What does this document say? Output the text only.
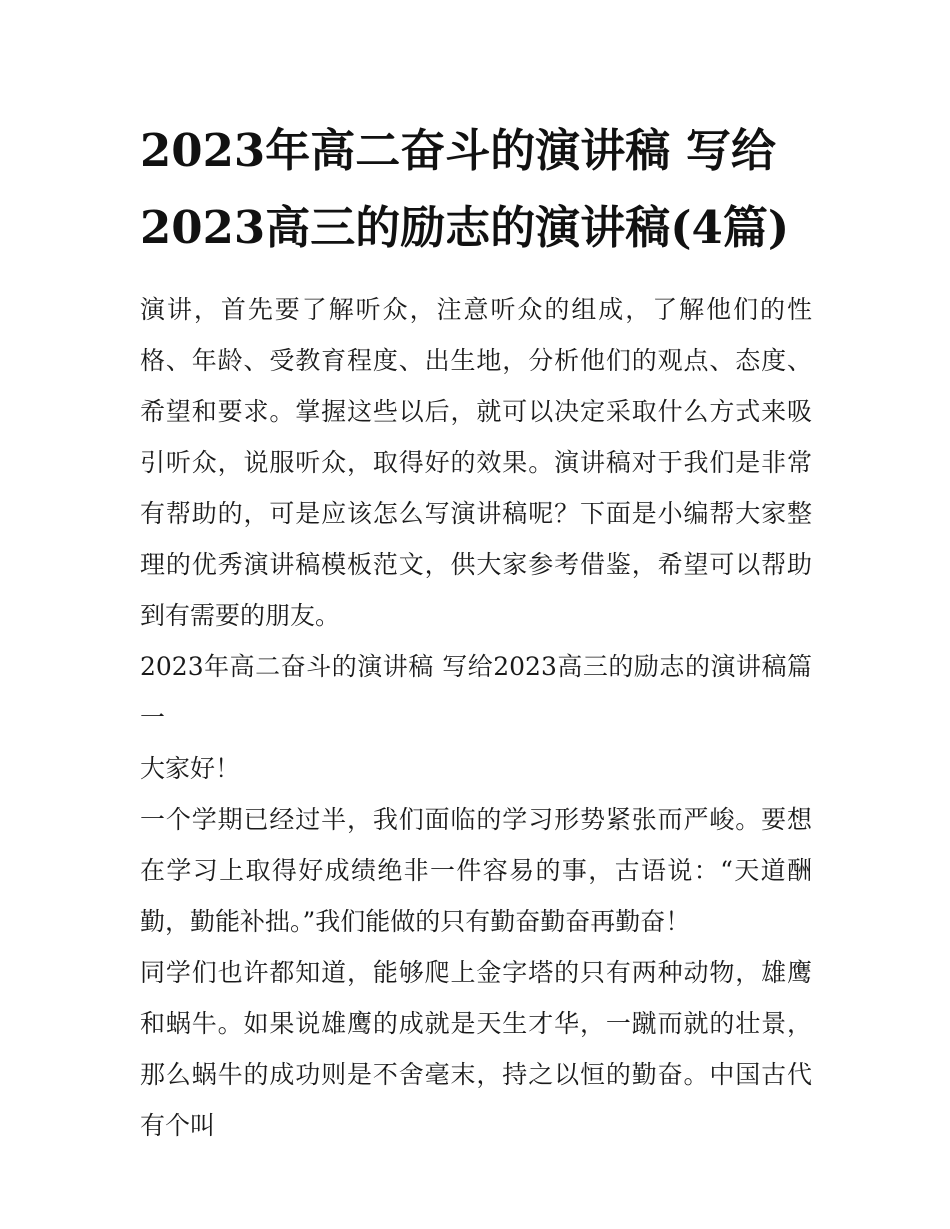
2023年高二奋斗的演讲稿 写给2023高三的励志的演讲稿(4篇)

演讲，首先要了解听众，注意听众的组成，了解他们的性格、年龄、受教育程度、出生地，分析他们的观点、态度、希望和要求。掌握这些以后，就可以决定采取什么方式来吸引听众，说服听众，取得好的效果。演讲稿对于我们是非常有帮助的，可是应该怎么写演讲稿呢？下面是小编帮大家整理的优秀演讲稿模板范文，供大家参考借鉴，希望可以帮助到有需要的朋友。

2023年高二奋斗的演讲稿 写给2023高三的励志的演讲稿篇一

大家好！

一个学期已经过半，我们面临的学习形势紧张而严峻。要想在学习上取得好成绩绝非一件容易的事，古语说：“天道酬勤，勤能补拙。”我们能做的只有勤奋勤奋再勤奋！

同学们也许都知道，能够爬上金字塔的只有两种动物，雄鹰和蜗牛。如果说雄鹰的成就是天生才华，一蹴而就的壮景，那么蜗牛的成功则是不舍毫末，持之以恒的勤奋。中国古代有个叫
